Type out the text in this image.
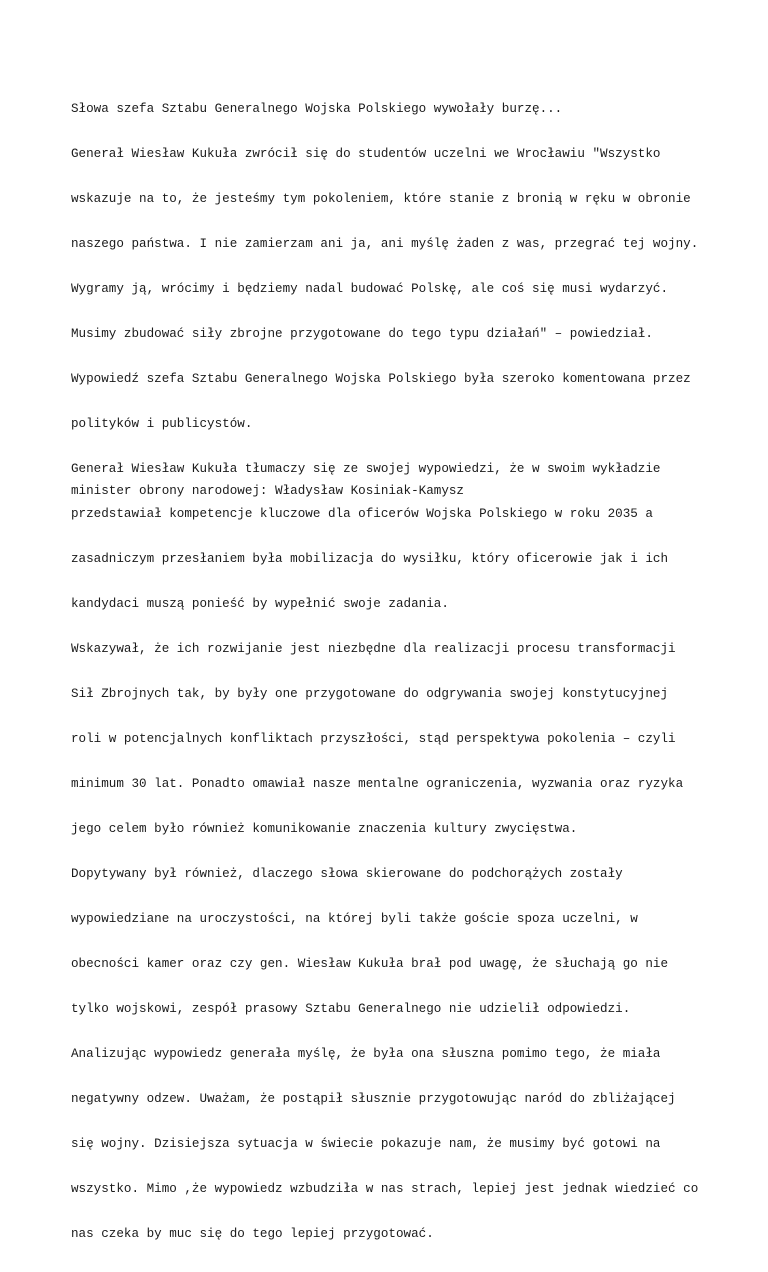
Słowa szefa Sztabu Generalnego Wojska Polskiego wywołały burzę...

Generał Wiesław Kukuła zwrócił się do studentów uczelni we Wrocławiu "Wszystko

wskazuje na to, że jesteśmy tym pokoleniem, które stanie z bronią w ręku w obronie

naszego państwa. I nie zamierzam ani ja, ani myślę żaden z was, przegrać tej wojny.

Wygramy ją, wrócimy i będziemy nadal budować Polskę, ale coś się musi wydarzyć.

Musimy zbudować siły zbrojne przygotowane do tego typu działań" – powiedział.

Wypowiedź szefa Sztabu Generalnego Wojska Polskiego była szeroko komentowana przez

polityków i publicystów.

Generał Wiesław Kukuła tłumaczy się ze swojej wypowiedzi, że w swoim wykładzie

przedstawiał kompetencje kluczowe dla oficerów Wojska Polskiego w roku 2035 a

zasadniczym przesłaniem była mobilizacja do wysiłku, który oficerowie jak i ich

kandydaci muszą ponieść by wypełnić swoje zadania.

Wskazywał, że ich rozwijanie jest niezbędne dla realizacji procesu transformacji

Sił Zbrojnych tak, by były one przygotowane do odgrywania swojej konstytucyjnej

roli w potencjalnych konfliktach przyszłości, stąd perspektywa pokolenia – czyli

minimum 30 lat. Ponadto omawiał nasze mentalne ograniczenia, wyzwania oraz ryzyka

jego celem było również komunikowanie znaczenia kultury zwycięstwa.

Dopytywany był również, dlaczego słowa skierowane do podchorążych zostały

wypowiedziane na uroczystości, na której byli także goście spoza uczelni, w

obecności kamer oraz czy gen. Wiesław Kukuła brał pod uwagę, że słuchają go nie

tylko wojskowi, zespół prasowy Sztabu Generalnego nie udzielił odpowiedzi.

Analizując wypowiedz generała myślę, że była ona słuszna pomimo tego, że miała

negatywny odzew. Uważam, że postąpił słusznie przygotowując naród do zbliżającej

się wojny. Dzisiejsza sytuacja w świecie pokazuje nam, że musimy być gotowi na

wszystko. Mimo ,że wypowiedz wzbudziła w nas strach, lepiej jest jednak wiedzieć co

nas czeka by muc się do tego lepiej przygotować.

minister obrony narodowej: Władysław Kosiniak-Kamysz
